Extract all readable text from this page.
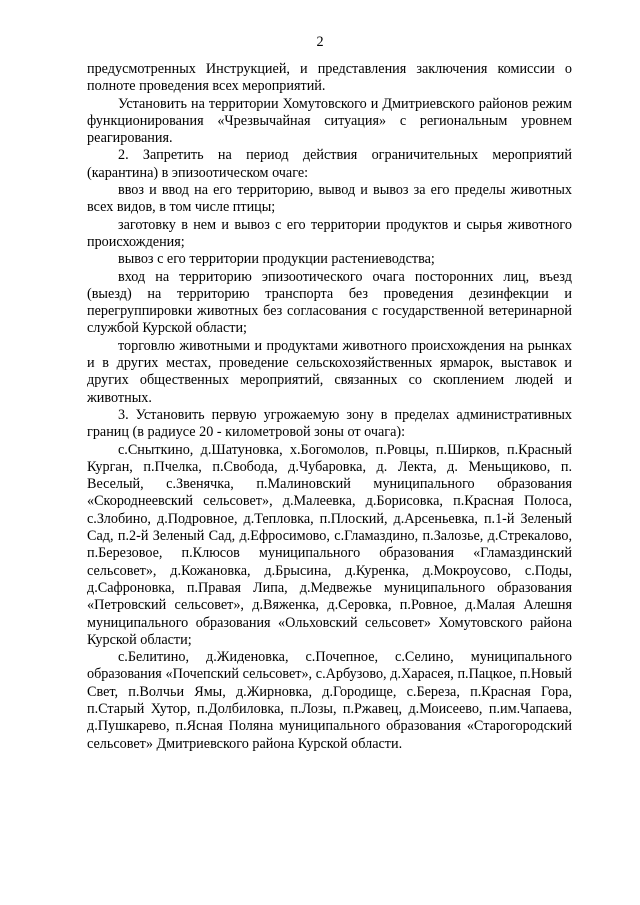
2

предусмотренных Инструкцией, и представления заключения комиссии о полноте проведения всех мероприятий.

Установить на территории Хомутовского и Дмитриевского районов режим функционирования «Чрезвычайная ситуация» с региональным уровнем реагирования.

2. Запретить на период действия ограничительных мероприятий (карантина) в эпизоотическом очаге:

ввоз и ввод на его территорию, вывод и вывоз за его пределы животных всех видов, в том числе птицы;

заготовку в нем и вывоз с его территории продуктов и сырья животного происхождения;

вывоз с его территории продукции растениеводства;

вход на территорию эпизоотического очага посторонних лиц, въезд (выезд) на территорию транспорта без проведения дезинфекции и перегруппировки животных без согласования с государственной ветеринарной службой Курской области;

торговлю животными и продуктами животного происхождения на рынках и в других местах, проведение сельскохозяйственных ярмарок, выставок и других общественных мероприятий, связанных со скоплением людей и животных.

3. Установить первую угрожаемую зону в пределах административных границ (в радиусе 20 - километровой зоны от очага):

с.Сныткино, д.Шатуновка, х.Богомолов, п.Ровцы, п.Ширков, п.Красный Курган, п.Пчелка, п.Свобода, д.Чубаровка, д. Лекта, д. Меньщиково, п. Веселый, с.Звенячка, п.Малиновский муниципального образования «Скороднеевский сельсовет», д.Малеевка, д.Борисовка, п.Красная Полоса, с.Злобино, д.Подровное, д.Тепловка, п.Плоский, д.Арсеньевка, п.1-й Зеленый Сад, п.2-й Зеленый Сад, д.Ефросимово, с.Гламаздино, п.Залозье, д.Стрекалово, п.Березовое, п.Клюсов муниципального образования «Гламаздинский сельсовет», д.Кожановка, д.Брысина, д.Куренка, д.Мокроусово, с.Поды, д.Сафроновка, п.Правая Липа, д.Медвежье муниципального образования «Петровский сельсовет», д.Вяженка, д.Серовка, п.Ровное, д.Малая Алешня муниципального образования «Ольховский сельсовет» Хомутовского района Курской области;

с.Белитино, д.Жиденовка, с.Почепное, с.Селино, муниципального образования «Почепский сельсовет», с.Арбузово, д.Харасея, п.Пацкое, п.Новый Свет, п.Волчьи Ямы, д.Жирновка, д.Городище, с.Береза, п.Красная Гора, п.Старый Хутор, п.Долбиловка, п.Лозы, п.Ржавец, д.Моисеево, п.им.Чапаева, д.Пушкарево, п.Ясная Поляна муниципального образования «Старогородский сельсовет» Дмитриевского района Курской области.
